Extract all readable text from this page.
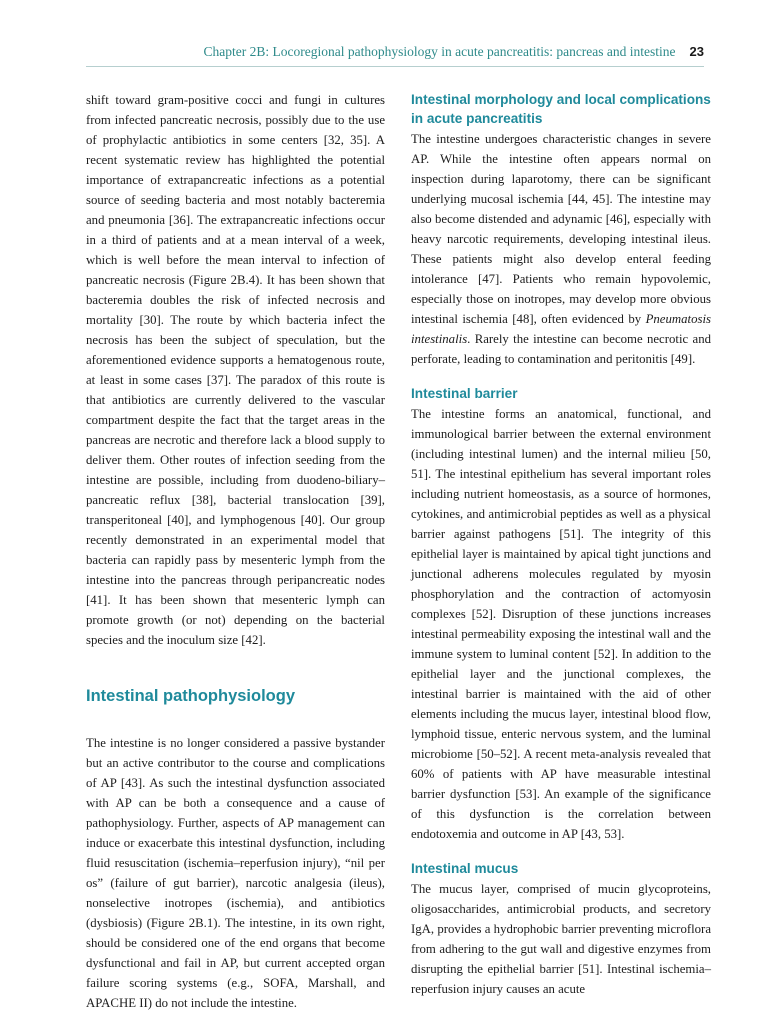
Chapter 2B: Locoregional pathophysiology in acute pancreatitis: pancreas and intestine 23

shift toward gram-positive cocci and fungi in cultures from infected pancreatic necrosis, possibly due to the use of prophylactic antibiotics in some centers [32, 35]. A recent systematic review has highlighted the potential importance of extrapancreatic infections as a potential source of seeding bacteria and most notably bacteremia and pneumonia [36]. The extrapancreatic infections occur in a third of patients and at a mean interval of a week, which is well before the mean interval to infection of pancreatic necrosis (Figure 2B.4). It has been shown that bacteremia doubles the risk of infected necrosis and mortality [30]. The route by which bacteria infect the necrosis has been the subject of speculation, but the aforementioned evidence supports a hematogenous route, at least in some cases [37]. The paradox of this route is that antibiotics are currently delivered to the vascular compartment despite the fact that the target areas in the pancreas are necrotic and therefore lack a blood supply to deliver them. Other routes of infection seeding from the intestine are possible, including from duodeno-biliary–pancreatic reflux [38], bacterial translocation [39], transperitoneal [40], and lymphogenous [40]. Our group recently demonstrated in an experimental model that bacteria can rapidly pass by mesenteric lymph from the intestine into the pancreas through peripancreatic nodes [41]. It has been shown that mesenteric lymph can promote growth (or not) depending on the bacterial species and the inoculum size [42].

Intestinal pathophysiology

The intestine is no longer considered a passive bystander but an active contributor to the course and complications of AP [43]. As such the intestinal dysfunction associated with AP can be both a consequence and a cause of pathophysiology. Further, aspects of AP management can induce or exacerbate this intestinal dysfunction, including fluid resuscitation (ischemia–reperfusion injury), “nil per os” (failure of gut barrier), narcotic analgesia (ileus), nonselective inotropes (ischemia), and antibiotics (dysbiosis) (Figure 2B.1). The intestine, in its own right, should be considered one of the end organs that become dysfunctional and fail in AP, but current accepted organ failure scoring systems (e.g., SOFA, Marshall, and APACHE II) do not include the intestine.

Intestinal morphology and local complications in acute pancreatitis

The intestine undergoes characteristic changes in severe AP. While the intestine often appears normal on inspection during laparotomy, there can be significant underlying mucosal ischemia [44, 45]. The intestine may also become distended and adynamic [46], especially with heavy narcotic requirements, developing intestinal ileus. These patients might also develop enteral feeding intolerance [47]. Patients who remain hypovolemic, especially those on inotropes, may develop more obvious intestinal ischemia [48], often evidenced by Pneumatosis intestinalis. Rarely the intestine can become necrotic and perforate, leading to contamination and peritonitis [49].

Intestinal barrier

The intestine forms an anatomical, functional, and immunological barrier between the external environment (including intestinal lumen) and the internal milieu [50, 51]. The intestinal epithelium has several important roles including nutrient homeostasis, as a source of hormones, cytokines, and antimicrobial peptides as well as a physical barrier against pathogens [51]. The integrity of this epithelial layer is maintained by apical tight junctions and junctional adherens molecules regulated by myosin phosphorylation and the contraction of actomyosin complexes [52]. Disruption of these junctions increases intestinal permeability exposing the intestinal wall and the immune system to luminal content [52]. In addition to the epithelial layer and the junctional complexes, the intestinal barrier is maintained with the aid of other elements including the mucus layer, intestinal blood flow, lymphoid tissue, enteric nervous system, and the luminal microbiome [50–52]. A recent meta-analysis revealed that 60% of patients with AP have measurable intestinal barrier dysfunction [53]. An example of the significance of this dysfunction is the correlation between endotoxemia and outcome in AP [43, 53].

Intestinal mucus

The mucus layer, comprised of mucin glycoproteins, oligosaccharides, antimicrobial products, and secretory IgA, provides a hydrophobic barrier preventing microflora from adhering to the gut wall and digestive enzymes from disrupting the epithelial barrier [51]. Intestinal ischemia–reperfusion injury causes an acute
